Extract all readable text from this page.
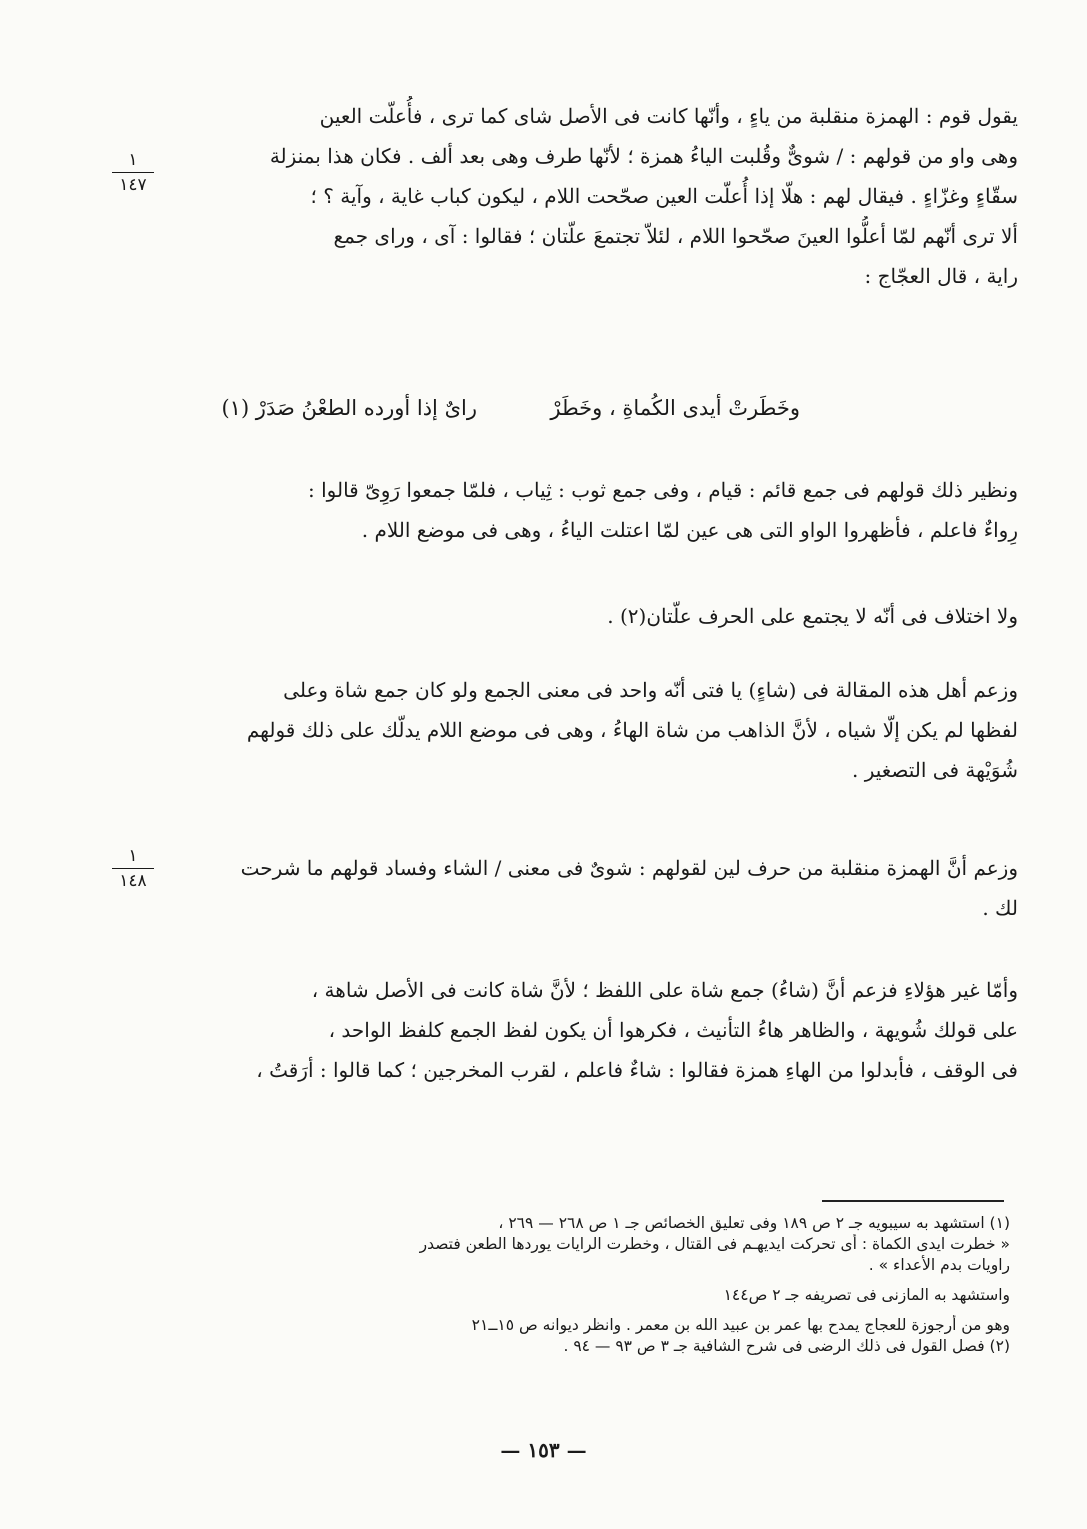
يقول قوم : الهمزة منقلبة من ياءٍ ، وأنّها كانت فى الأصل شاى كما ترى ، فأُعلّت العين
وهى واو من قولهم : / شوىٌّ وقُلبت الياءُ همزة ؛ لأنّها طرف وهى بعد ألف . فكان هذا بمنزلة
سقّاءٍ وغزّاءٍ . فيقال لهم : هلّا إذا أُعلّت العين صحّحت اللام ، ليكون كباب غاية ، وآية ؟ ؛
ألا ترى أنّهم لمّا أعلُّوا العينَ صحّحوا اللام ، لئلاّ تجتمعَ علّتان ؛ فقالوا : آى ، وراى جمع
راية ، قال العجّاج :
وخَطَرتْ أيدى الكُماةِ ، وخَطَرْ  راىٌ إذا أورده الطعْنُ صَدَرْ (١)
ونظير ذلك قولهم فى جمع قائم : قيام ، وفى جمع ثوب : ثِياب ، فلمّا جمعوا رَوِىّ قالوا :
رِواءٌ فاعلم ، فأظهروا الواو التى هى عين لمّا اعتلت الياءُ ، وهى فى موضع اللام .
ولا اختلاف فى أنّه لا يجتمع على الحرف علّتان(٢) .
وزعم أهل هذه المقالة فى (شاءٍ) يا فتى أنّه واحد فى معنى الجمع ولو كان جمع شاة وعلى
لفظها لم يكن إلّا شياه ، لأنَّ الذاهب من شاة الهاءُ ، وهى فى موضع اللام يدلّك على ذلك قولهم
شُوَيْهة فى التصغير .
وزعم أنَّ الهمزة منقلبة من حرف لين لقولهم : شوىٌ فى معنى / الشاء وفساد قولهم ما شرحت
لك .
وأمّا غير هؤلاءِ فزعم أنَّ (شاءُ) جمع شاة على اللفظ ؛ لأنَّ شاة كانت فى الأصل شاهة ،
على قولك شُويهة ، والظاهر هاءُ التأنيث ، فكرهوا أن يكون لفظ الجمع كلفظ الواحد ،
فى الوقف ، فأبدلوا من الهاءِ همزة فقالوا : شاءٌ فاعلم ، لقرب المخرجين ؛ كما قالوا : أرَقتُ ،
١
١٤٧
١
١٤٨
(١) استشهد به سيبويه جـ ٢ ص ١٨٩ وفى تعليق الخصائص جـ ١ ص ٢٦٨ — ٢٦٩ ،
« خطرت ايدى الكماة : أى تحركت ايديهـم فى القتال ، وخطرت الرايات يوردها الطعن فتصدر
راويات بدم الأعداء » .
واستشهد به المازنى فى تصريفه جـ ٢ ص١٤٤
وهو من أرجوزة للعجاج يمدح بها عمر بن عبيد الله بن معمر . وانظر ديوانه ص ١٥ــ٢١
(٢) فصل القول فى ذلك الرضى فى شرح الشافية جـ ٣ ص ٩٣ — ٩٤ .
— ١٥٣ —
